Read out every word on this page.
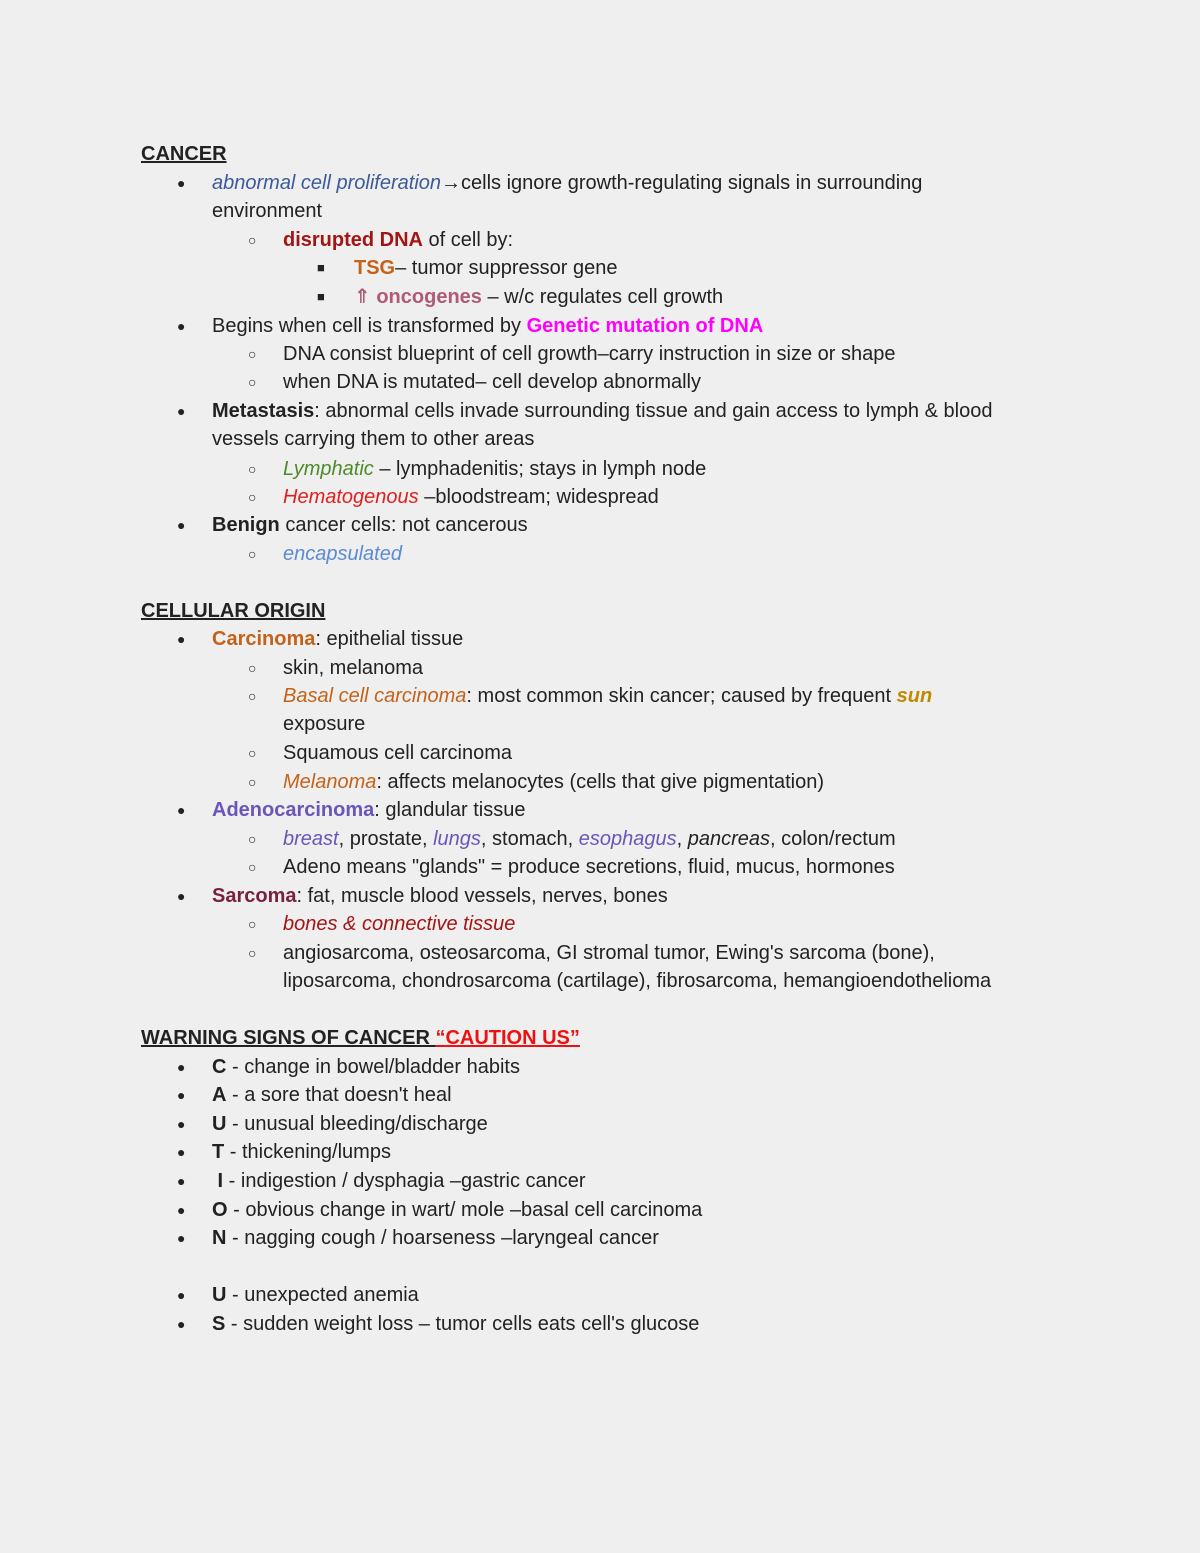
CANCER
● abnormal cell proliferation→cells ignore growth-regulating signals in surrounding
environment
○ disrupted DNA of cell by:
■ TSG– tumor suppressor gene
■ ⇑ oncogenes – w/c regulates cell growth
● Begins when cell is transformed by Genetic mutation of DNA
○ DNA consist blueprint of cell growth–carry instruction in size or shape
○ when DNA is mutated– cell develop abnormally
● Metastasis: abnormal cells invade surrounding tissue and gain access to lymph & blood
vessels carrying them to other areas
○ Lymphatic – lymphadenitis; stays in lymph node
○ Hematogenous –bloodstream; widespread
● Benign cancer cells: not cancerous
○ encapsulated
CELLULAR ORIGIN
● Carcinoma: epithelial tissue
○ skin, melanoma
○ Basal cell carcinoma: most common skin cancer; caused by frequent sun
exposure
○ Squamous cell carcinoma
○ Melanoma: affects melanocytes (cells that give pigmentation)
● Adenocarcinoma: glandular tissue
○ breast, prostate, lungs, stomach, esophagus, pancreas, colon/rectum
○ Adeno means "glands" = produce secretions, fluid, mucus, hormones
● Sarcoma: fat, muscle blood vessels, nerves, bones
○ bones & connective tissue
○ angiosarcoma, osteosarcoma, GI stromal tumor, Ewing's sarcoma (bone),
liposarcoma, chondrosarcoma (cartilage), fibrosarcoma, hemangioendothelioma
WARNING SIGNS OF CANCER “CAUTION US”
● C - change in bowel/bladder habits
● A - a sore that doesn't heal
● U - unusual bleeding/discharge
● T - thickening/lumps
● I - indigestion / dysphagia –gastric cancer
● O - obvious change in wart/ mole –basal cell carcinoma
● N - nagging cough / hoarseness –laryngeal cancer
● U - unexpected anemia
● S - sudden weight loss – tumor cells eats cell's glucose
